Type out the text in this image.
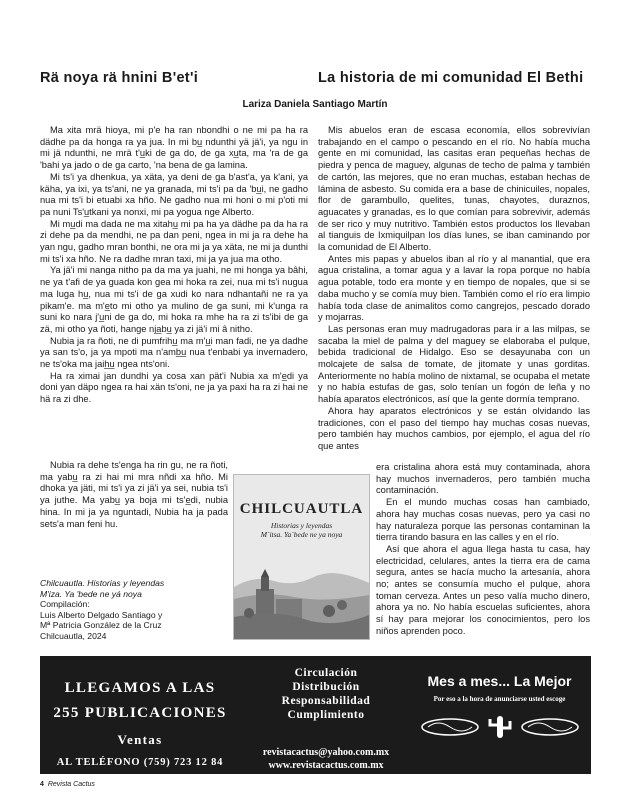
Rä noya rä hnini B'et'i	La historia de mi comunidad El Bethi
Lariza Daniela Santiago Martín

Ma xita mrä hioya, mi p'e ha ran nbondhi o ne mi pa ha ra dädhe pa da honga ra ya jua. In mi bu̲ ndunthi yä jä'i, ya ngu in mi jä ndunthi, ne mrä t'u̲ki de ga do, de ga xu̲ta, ma 'ra de ga 'bahi ya jado o de ga carto, 'na bena de ga lamina.

Mi ts'i ya dhenkua, ya xäta, ya deni de ga b'ast'a, ya k'ani, ya käha, ya ixi, ya ts'ani, ne ya granada, mi ts'i pa da 'bu̲i, ne gadho nua mi ts'i bi etuabi xa hño. Ne gadho nua mi honi o mi p'oti mi pa nuni Ts'u̲tkani ya nonxi, mi pa yogua nge Alberto.

Mi mu̲di ma dada ne ma xitahu̲ mi pa ha ya dädhe pa da ha ra zi dehe pa da mendhi, ne pa dan peni, ngea in mi ja ra dehe ha yan ngu, gadho mran bonthi, ne ora mi ja ya xäta, ne mi ja dunthi mi ts'i xa hño. Ne ra dadhe mran taxi, mi ja ya jua ma otho.

Ya jä'i mi nanga nitho pa da ma ya juahi, ne mi honga ya bâhi, ne ya t'afi de ya guada kon gea mi hoka ra zei, nua mi ts'i nugua ma luga hu̲, nua mi ts'i de ga xudi ko nara ndhantañi ne ra ya pikam'e. ma m'e̲to mi otho ya mulino de ga suni, mi k'unga ra suni ko nara j'u̲ni de ga do, mi hoka ra mhe ha ra zi ts'ibi de ga zä, mi otho ya ñoti, hange nja̲bu̲ ya zi jä'i mi â nitho.

Nubia ja ra ñoti, ne di pumfrihu̲ ma m'u̲i man fadi, ne ya dadhe ya san ts'o, ja ya mpoti ma n'amb̲u̲ nua t'enbabi ya invernadero, ne ts'oka ma jaih̲u̲ ngea nts'oni.

Ha ra ximai jan dundhi ya cosa xan pät'i Nubia xa m'e̲di ya doni yan däpo ngea ra hai xän ts'oni, ne ja ya paxi ha ra zi hai ne hä ra zi dhe.

Nubia ra dehe ts'enga ha rin gu, ne ra ñoti, ma yabu̲ ra zi hai mi mra nñdi xa hño. Mi dhoka ya jäti, mi ts'i ya zi jä'i ya sei, nubia ts'i ya juthe. Ma yabu̲ ya boja mi ts'e̲di, nubia hina. In mi ja ya nguntadi, Nubia ha ja pada sets'a man feni hu.

CHILCUAUTLA
Historias y leyendas
M´itsa. Ya´bede ne ya noya
Chilcuautla. Historias y leyendas
M'iza. Ya 'bede ne yá noya
Compilación:
Luis Alberto Delgado Santiago y
Mª Patricia González de la Cruz
Chilcuautla, 2024

Mis abuelos eran de escasa economía, ellos sobrevivían trabajando en el campo o pescando en el río. No había mucha gente en mi comunidad, las casitas eran pequeñas hechas de piedra y penca de maguey, algunas de techo de palma y también de cartón, las mejores, que no eran muchas, estaban hechas de lámina de asbesto. Su comida era a base de chinicuiles, nopales, flor de garambullo, quelites, tunas, chayotes, duraznos, aguacates y granadas, es lo que comían para sobrevivir, además de ser rico y muy nutritivo. También estos productos los llevaban al tianguis de Ixmiquilpan los días lunes, se iban caminando por la comunidad de El Alberto.

Antes mis papas y abuelos iban al río y al manantial, que era agua cristalina, a tomar agua y a lavar la ropa porque no había agua potable, todo era monte y en tiempo de nopales, que si se daba mucho y se comía muy bien. También como el río era limpio había toda clase de animalitos como cangrejos, pescado dorado y mojarras.

Las personas eran muy madrugadoras para ir a las milpas, se sacaba la miel de palma y del maguey se elaboraba el pulque, bebida tradicional de Hidalgo. Eso se desayunaba con un molcajete de salsa de tomate, de jitomate y unas gorditas. Anteriormente no había molino de nixtamal, se ocupaba el metate y no había estufas de gas, solo tenían un fogón de leña y no había aparatos electrónicos, así que la gente dormía temprano.

Ahora hay aparatos electrónicos y se están olvidando las tradiciones, con el paso del tiempo hay muchas cosas nuevas, pero también hay muchos cambios, por ejemplo, el agua del río que antes

era cristalina ahora está muy contaminada, ahora hay muchos invernaderos, pero también mucha contaminación.

En el mundo muchas cosas han cambiado, ahora hay muchas cosas nuevas, pero ya casi no hay naturaleza porque las personas contaminan la tierra tirando basura en las calles y en el río.

Así que ahora el agua llega hasta tu casa, hay electricidad, celulares, antes la tierra era de cama segura, antes se hacía mucho la artesanía, ahora no; antes se consumía mucho el pulque, ahora toman cerveza. Antes un peso valía mucho dinero, ahora ya no. No había escuelas suficientes, ahora sí hay para mejorar los conocimientos, pero los niños aprenden poco.

LLEGAMOS A LAS
255 PUBLICACIONES
Ventas
AL TELÉFONO (759) 723 12 84
Circulación
Distribución
Responsabilidad
Cumplimiento
revistacactus@yahoo.com.mx
www.revistacactus.com.mx
Mes a mes... La Mejor
Por eso a la hora de anunciarse usted escoge
4 Revista Cactus
